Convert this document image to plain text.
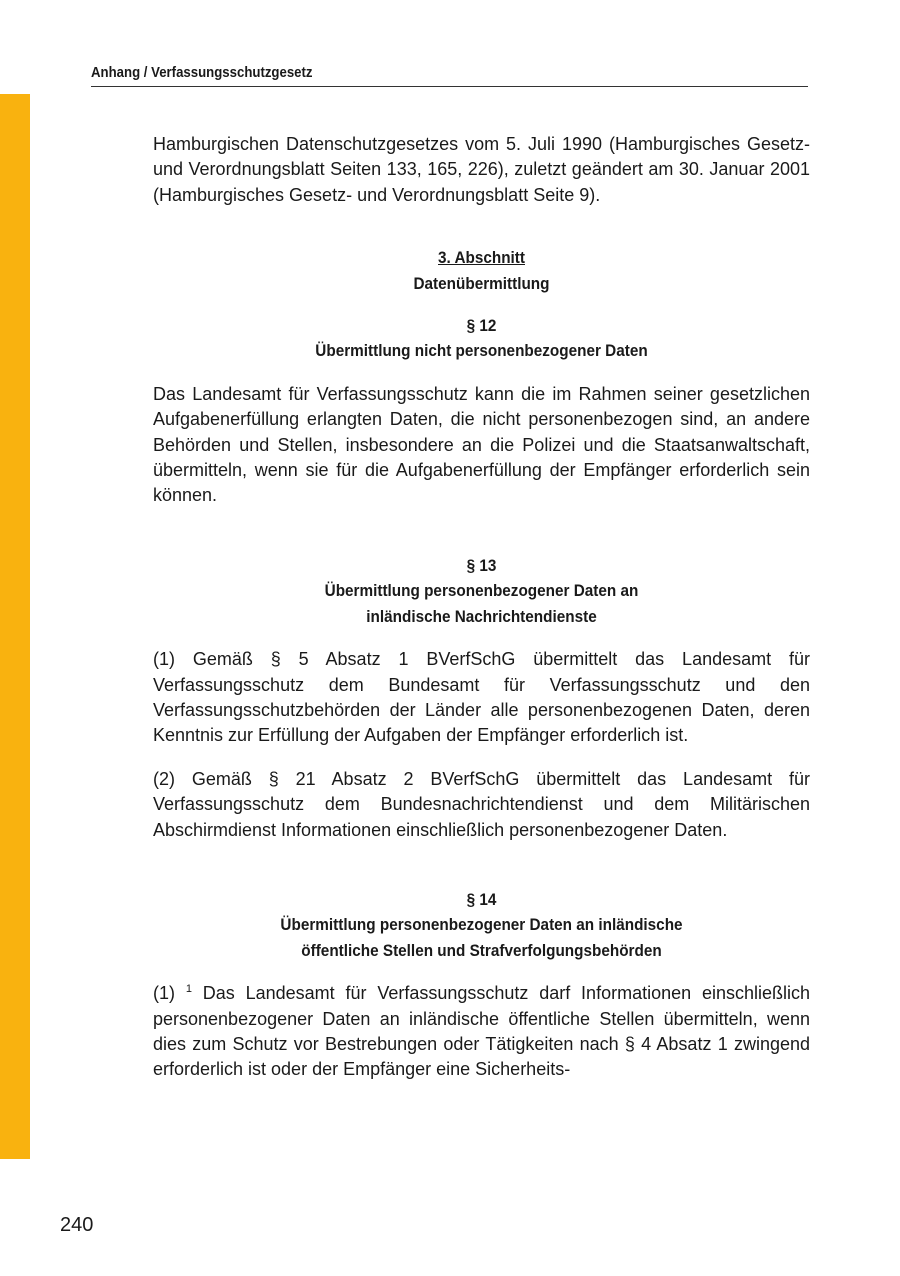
Anhang / Verfassungsschutzgesetz

Hamburgischen Datenschutzgesetzes vom 5. Juli 1990 (Hamburgisches Gesetz- und Verordnungsblatt Seiten 133, 165, 226), zuletzt geändert am 30. Januar 2001 (Hamburgisches Gesetz- und Verordnungsblatt Seite 9).

3. Abschnitt
Datenübermittlung
§ 12
Übermittlung nicht personenbezogener Daten

Das Landesamt für Verfassungsschutz kann die im Rahmen seiner gesetzlichen Aufgabenerfüllung erlangten Daten, die nicht personenbezogen sind, an andere Behörden und Stellen, insbesondere an die Polizei und die Staatsanwaltschaft, übermitteln, wenn sie für die Aufgabenerfüllung der Empfänger erforderlich sein können.

§ 13
Übermittlung personenbezogener Daten an
inländische Nachrichtendienste

(1) Gemäß § 5 Absatz 1 BVerfSchG übermittelt das Landesamt für Verfassungsschutz dem Bundesamt für Verfassungsschutz und den Verfassungsschutzbehörden der Länder alle personenbezogenen Daten, deren Kenntnis zur Erfüllung der Aufgaben der Empfänger erforderlich ist.

(2) Gemäß § 21 Absatz 2 BVerfSchG übermittelt das Landesamt für Verfassungsschutz dem Bundesnachrichtendienst und dem Militärischen Abschirmdienst Informationen einschließlich personenbezogener Daten.

§ 14
Übermittlung personenbezogener Daten an inländische
öffentliche Stellen und Strafverfolgungsbehörden

(1) $^1$ Das Landesamt für Verfassungsschutz darf Informationen einschließlich personenbezogener Daten an inländische öffentliche Stellen übermitteln, wenn dies zum Schutz vor Bestrebungen oder Tätigkeiten nach § 4 Absatz 1 zwingend erforderlich ist oder der Empfänger eine Sicherheits-

240
